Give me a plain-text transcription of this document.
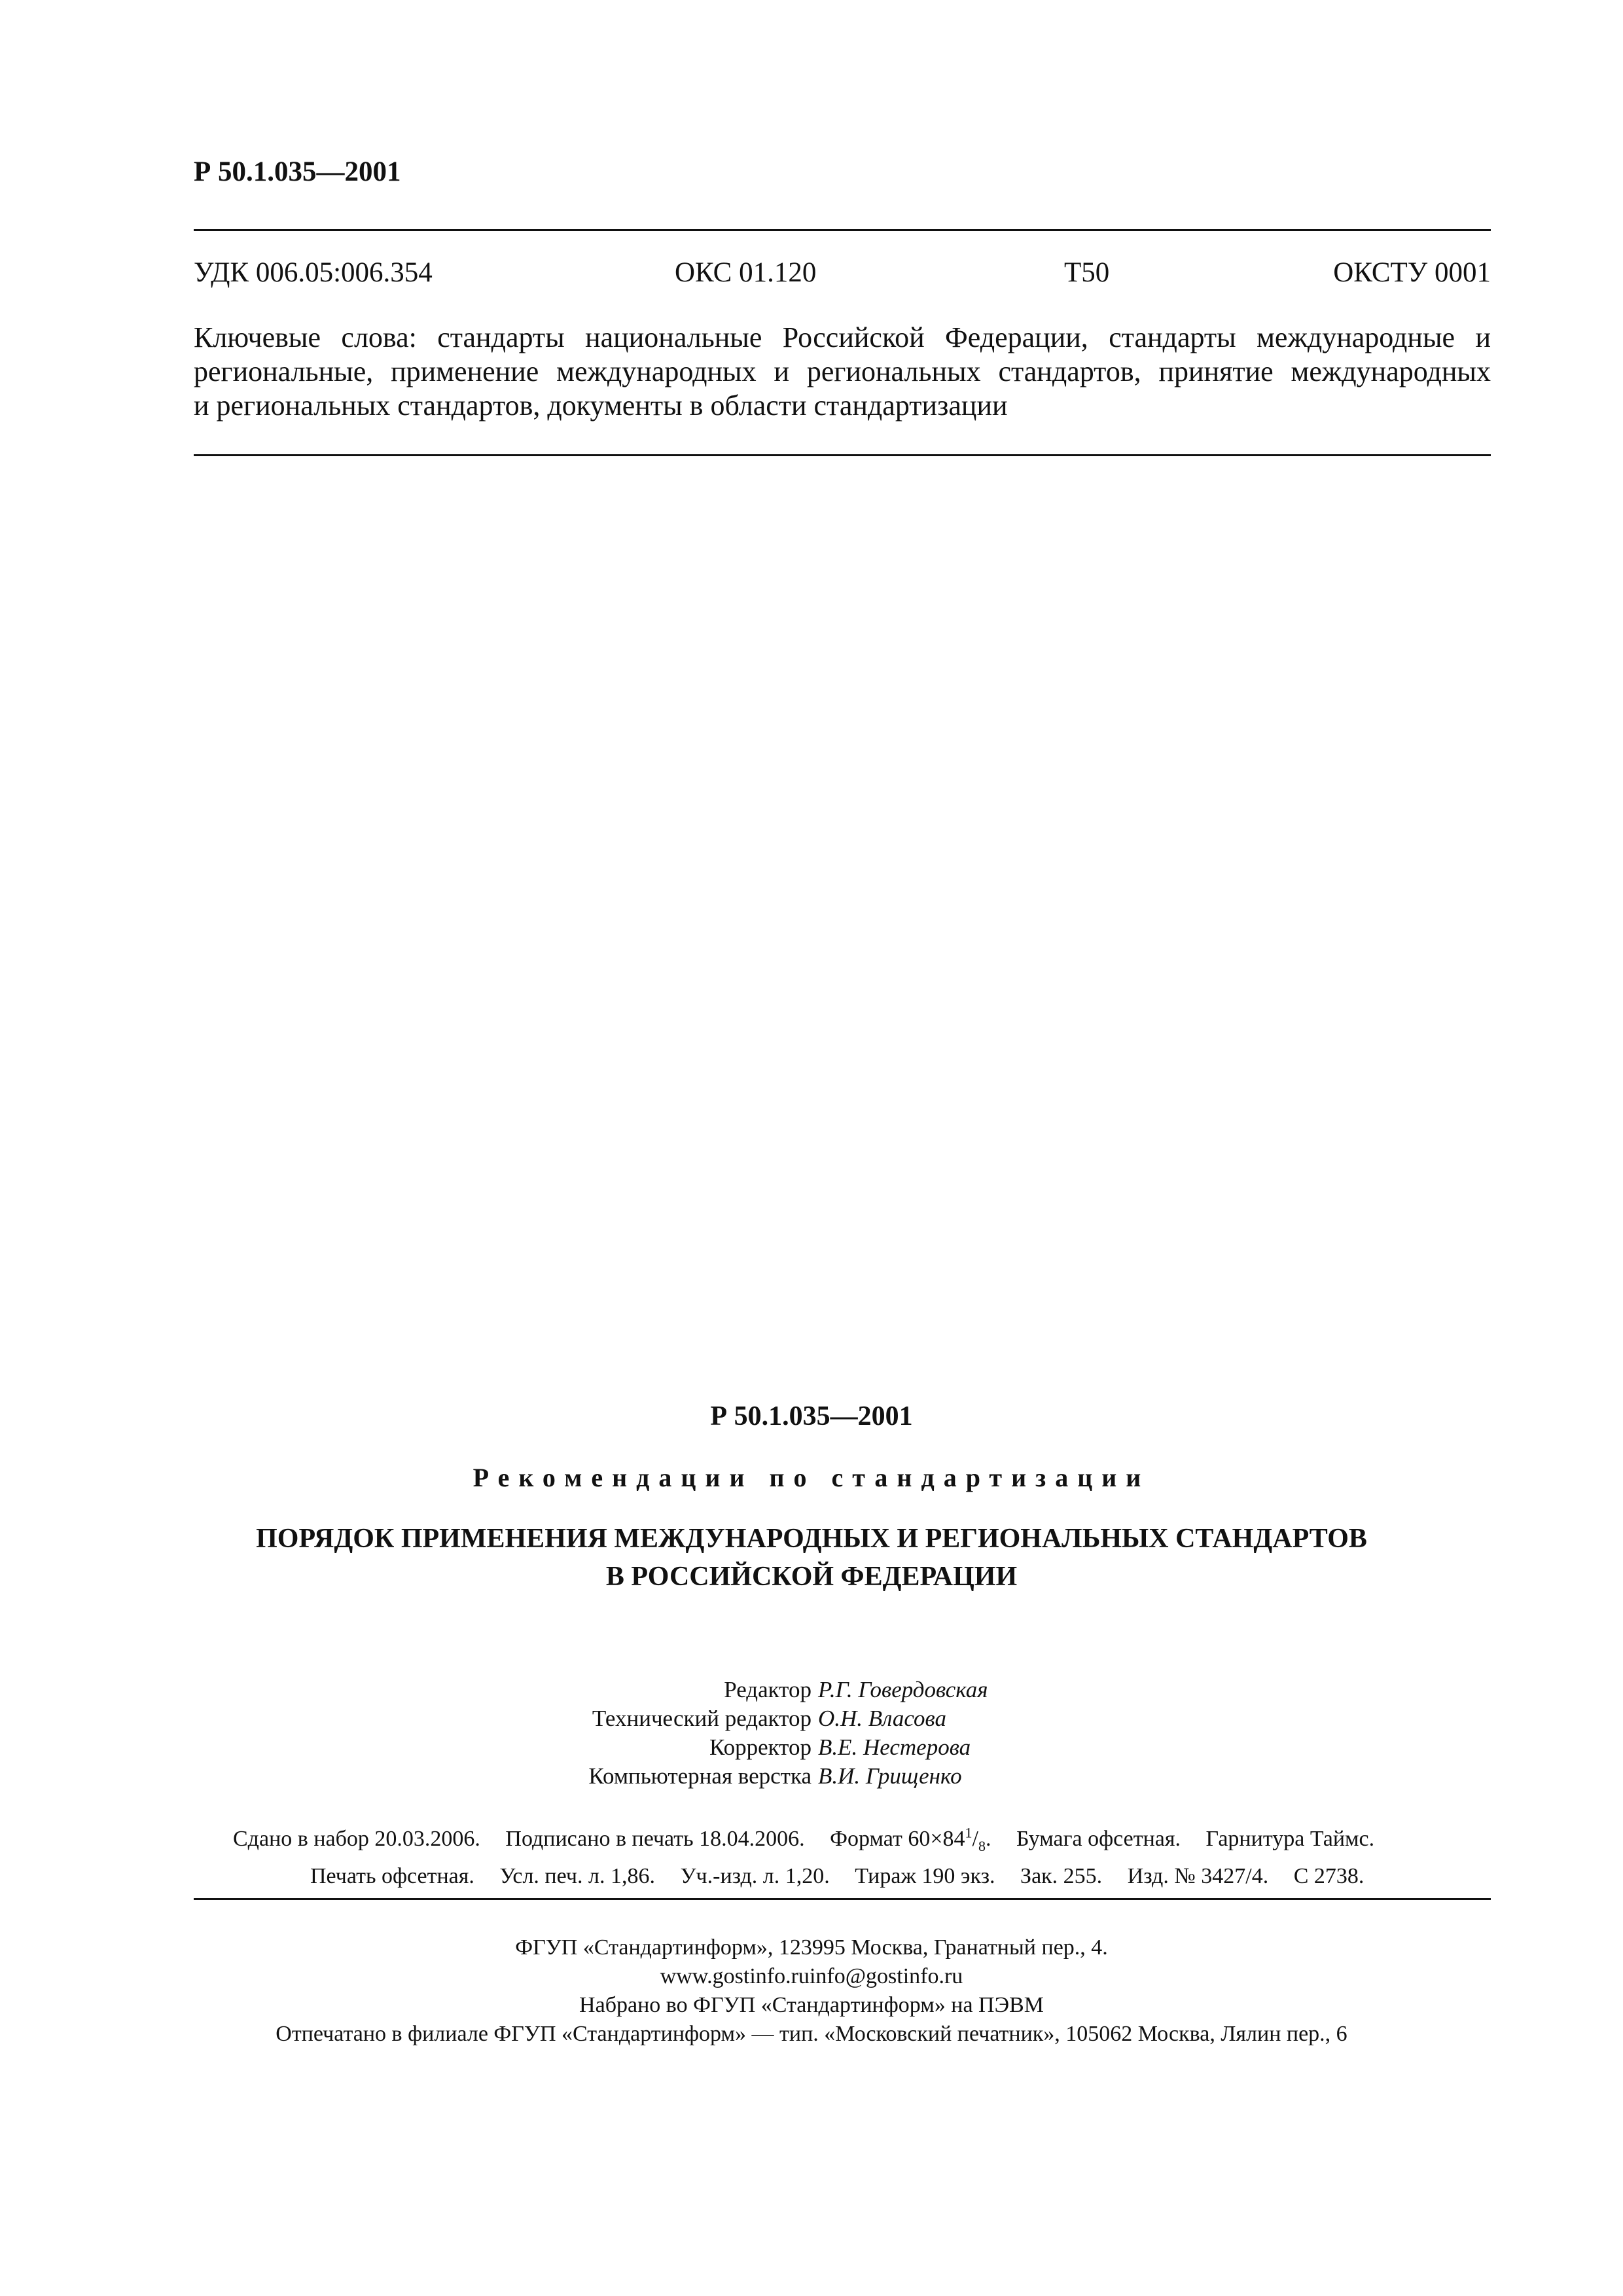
Р 50.1.035—2001

УДК 006.05:006.354	ОКС 01.120	Т50	ОКСТУ 0001
Ключевые слова: стандарты национальные Российской Федерации, стандарты международные и
региональные, применение международных и региональных стандартов, принятие международных
и региональных стандартов, документы в области стандартизации

Р 50.1.035—2001

Рекомендации по стандартизации

ПОРЯДОК ПРИМЕНЕНИЯ МЕЖДУНАРОДНЫХ И РЕГИОНАЛЬНЫХ СТАНДАРТОВ
В РОССИЙСКОЙ ФЕДЕРАЦИИ
Редактор Р.Г. Говердовская
Технический редактор О.Н. Власова
Корректор В.Е. Нестерова
Компьютерная верстка В.И. Грищенко
Сдано в набор 20.03.2006. Подписано в печать 18.04.2006. Формат $60\times 84^1/_8$. Бумага офсетная. Гарнитура Таймс.
Печать офсетная. Усл. печ. л. 1,86. Уч.-изд. л. 1,20. Тираж 190 экз. Зак. 255. Изд. № 3427/4. С 2738.
ФГУП «Стандартинформ», 123995 Москва, Гранатный пер., 4.
www.gostinfo.ruinfo@gostinfo.ru
Набрано во ФГУП «Стандартинформ» на ПЭВМ
Отпечатано в филиале ФГУП «Стандартинформ» — тип. «Московский печатник», 105062 Москва, Лялин пер., 6
